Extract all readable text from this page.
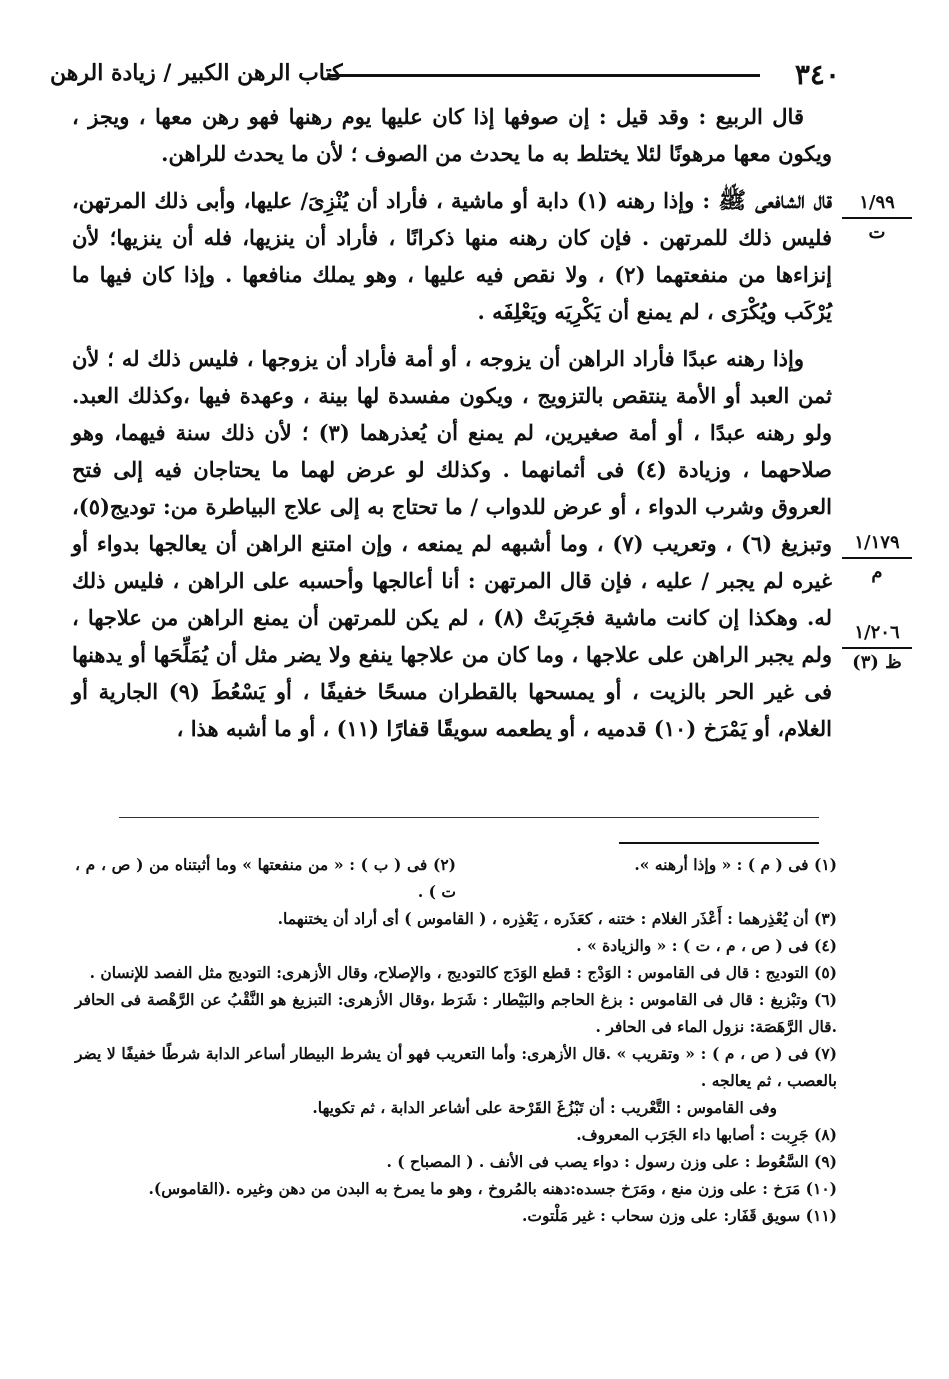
٣٤٠
كتاب الرهن الكبير / زيادة الرهن
١/٩٩
ت
١/١٧٩
م
١/٢٠٦
ظ (٣)

قال الربيع : وقد قيل : إن صوفها إذا كان عليها يوم رهنها فهو رهن معها ، ويجز ، ويكون معها مرهونًا لئلا يختلط به ما يحدث من الصوف ؛ لأن ما يحدث للراهن.

قال الشافعى ﷺ : وإذا رهنه (١) دابة أو ماشية ، فأراد أن يُنْزِىَ/ عليها، وأبى ذلك المرتهن، فليس ذلك للمرتهن . فإن كان رهنه منها ذكرانًا ، فأراد أن ينزيها، فله أن ينزيها؛ لأن إنزاءها من منفعتهما (٢) ، ولا نقص فيه عليها ، وهو يملك منافعها . وإذا كان فيها ما يُرْكَب ويُكْرَى ، لم يمنع أن يَكْرِيَه ويَعْلِفَه .

وإذا رهنه عبدًا فأراد الراهن أن يزوجه ، أو أمة فأراد أن يزوجها ، فليس ذلك له ؛ لأن ثمن العبد أو الأمة ينتقص بالتزويج ، ويكون مفسدة لها بينة ، وعهدة فيها ،وكذلك العبد. ولو رهنه عبدًا ، أو أمة صغيرين، لم يمنع أن يُعذرهما (٣) ؛ لأن ذلك سنة فيهما، وهو صلاحهما ، وزيادة (٤) فى أثمانهما . وكذلك لو عرض لهما ما يحتاجان فيه إلى فتح العروق وشرب الدواء ، أو عرض للدواب / ما تحتاج به إلى علاج البياطرة من: توديج(٥)، وتبزيغ (٦) ، وتعريب (٧) ، وما أشبهه لم يمنعه ، وإن امتنع الراهن أن يعالجها بدواء أو غيره لم يجبر / عليه ، فإن قال المرتهن : أنا أعالجها وأحسبه على الراهن ، فليس ذلك له. وهكذا إن كانت ماشية فجَرِبَتْ (٨) ، لم يكن للمرتهن أن يمنع الراهن من علاجها ، ولم يجبر الراهن على علاجها ، وما كان من علاجها ينفع ولا يضر مثل أن يُمَلِّحَها أو يدهنها فى غير الحر بالزيت ، أو يمسحها بالقطران مسحًا خفيفًا ، أو يَسْعُطَ (٩) الجارية أو الغلام، أو يَمْرَخ (١٠) قدميه ، أو يطعمه سويقًا قفارًا (١١) ، أو ما أشبه هذا ،

(١) فى ( م ) : « وإذا أرهنه ».

(٢) فى ( ب ) : « من منفعتها » وما أثبتناه من ( ص ، م ، ت ) .

(٣) أن يُعْذِرهما : أَعْذَر الغلام : ختنه ، كعَذَره ، يَعْذِره ، ( القاموس ) أى أراد أن يختنهما.

(٤) فى ( ص ، م ، ت ) : « والزيادة » .

(٥) التوديج : قال فى القاموس : الوَدْج : قطع الوَدَج كالتوديج ، والإصلاح، وقال الأزهرى: التوديج مثل الفصد للإنسان .

(٦) وتبْزيغ : قال فى القاموس : بزغ الحاجم والبَيْطار : شَرَط ،وقال الأزهرى: التبزيغ هو النَّقْبُ عن الرَّهْصة فى الحافر .قال الرَّهَصَة: نزول الماء فى الحافر .

(٧) فى ( ص ، م ) : « وتقريب » .قال الأزهرى: وأما التعريب فهو أن يشرط البيطار أساعر الدابة شرطًا خفيفًا لا يضر بالعصب ، ثم يعالجه .

وفى القاموس : التَّعْريب : أن تَبْزُغَ القَرْحة على أشاعر الدابة ، ثم تكويها.

(٨) جَرِبت : أصابها داء الجَرَب المعروف.

(٩) السَّعُوط : على وزن رسول : دواء يصب فى الأنف . ( المصباح ) .

(١٠) مَرَخ : على وزن منع ، ومَرَخ جسده:دهنه بالمُروخ ، وهو ما يمرخ به البدن من دهن وغيره .(القاموس).

(١١) سويق قَفَار: على وزن سحاب : غير مَلْتوت.
